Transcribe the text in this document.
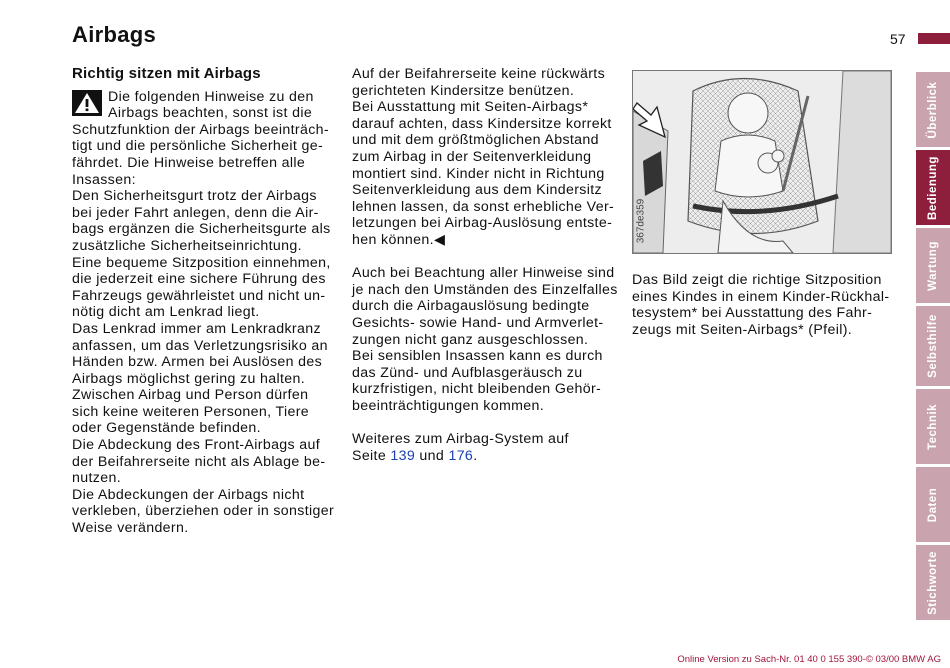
Airbags	57

Richtig sitzen mit Airbags

Die folgenden Hinweise zu den

Airbags beachten, sonst ist die

Schutzfunktion der Airbags beeinträch-

tigt und die persönliche Sicherheit ge-

fährdet. Die Hinweise betreffen alle

Insassen:

Den Sicherheitsgurt trotz der Airbags

bei jeder Fahrt anlegen, denn die Air-

bags ergänzen die Sicherheitsgurte als

zusätzliche Sicherheitseinrichtung.

Eine bequeme Sitzposition einnehmen,

die jederzeit eine sichere Führung des

Fahrzeugs gewährleistet und nicht un-

nötig dicht am Lenkrad liegt.

Das Lenkrad immer am Lenkradkranz

anfassen, um das Verletzungsrisiko an

Händen bzw. Armen bei Auslösen des

Airbags möglichst gering zu halten.

Zwischen Airbag und Person dürfen

sich keine weiteren Personen, Tiere

oder Gegenstände befinden.

Die Abdeckung des Front-Airbags auf

der Beifahrerseite nicht als Ablage be-

nutzen.

Die Abdeckungen der Airbags nicht

verkleben, überziehen oder in sonstiger

Weise verändern.

Auf der Beifahrerseite keine rückwärts

gerichteten Kindersitze benützen.

Bei Ausstattung mit Seiten-Airbags*

darauf achten, dass Kindersitze korrekt

und mit dem größtmöglichen Abstand

zum Airbag in der Seitenverkleidung

montiert sind. Kinder nicht in Richtung

Seitenverkleidung aus dem Kindersitz

lehnen lassen, da sonst erhebliche Ver-

letzungen bei Airbag-Auslösung entste-

hen können.◀

Auch bei Beachtung aller Hinweise sind

je nach den Umständen des Einzelfalles

durch die Airbagauslösung bedingte

Gesichts- sowie Hand- und Armverlet-

zungen nicht ganz ausgeschlossen.

Bei sensiblen Insassen kann es durch

das Zünd- und Aufblasgeräusch zu

kurzfristigen, nicht bleibenden Gehör-

beeinträchtigungen kommen.

Weiteres zum Airbag-System auf

Seite 139 und 176.

367de359

Das Bild zeigt die richtige Sitzposition

eines Kindes in einem Kinder-Rückhal-

tesystem* bei Ausstattung des Fahr-

zeugs mit Seiten-Airbags* (Pfeil).

Überblick
Bedienung
Wartung
Selbsthilfe
Technik
Daten
Stichworte
Online Version zu Sach-Nr. 01 40 0 155 390-© 03/00 BMW AG
